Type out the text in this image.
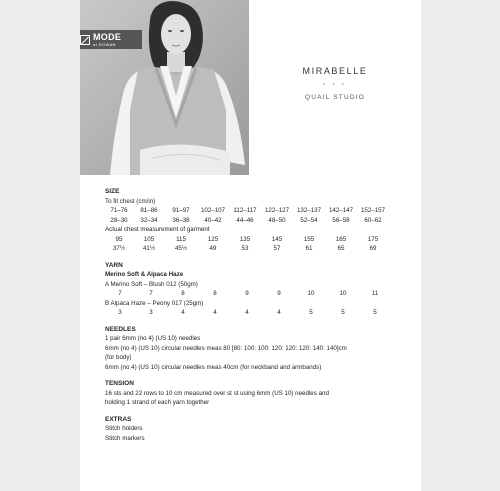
MODE
at ROWAN
MIRABELLE
* * *
QUAIL STUDIO
SIZE
To fit chest (cm/in)
71–76	81–86	91–97	102–107	112–117	122–127	132–137	142–147	152–157
28–30	32–34	36–38	40–42	44–46	48–50	52–54	56–58	60–62
Actual chest measurement of garment
95	105	115	125	135	145	155	165	175
37½	41½	45½	49	53	57	61	65	69
YARN
Merino Soft & Alpaca Haze
A Merino Soft – Blush 012 (50gm)
7	7	8	8	9	9	10	10	11
B Alpaca Haze – Peony 017 (25gm)
3	3	4	4	4	4	5	5	5
NEEDLES
1 pair 6mm (no 4) (US 10) needles
6mm (no 4) (US 10) circular needles meas 80 [80: 100: 100: 120: 120: 120: 140: 140]cm
(for body)
6mm (no 4) (US 10) circular needles meas 40cm (for neckband and armbands)
TENSION
16 sts and 22 rows to 10 cm measured over st st using 6mm (US 10) needles and
holding 1 strand of each yarn together
EXTRAS
Stitch holders
Stitch markers
